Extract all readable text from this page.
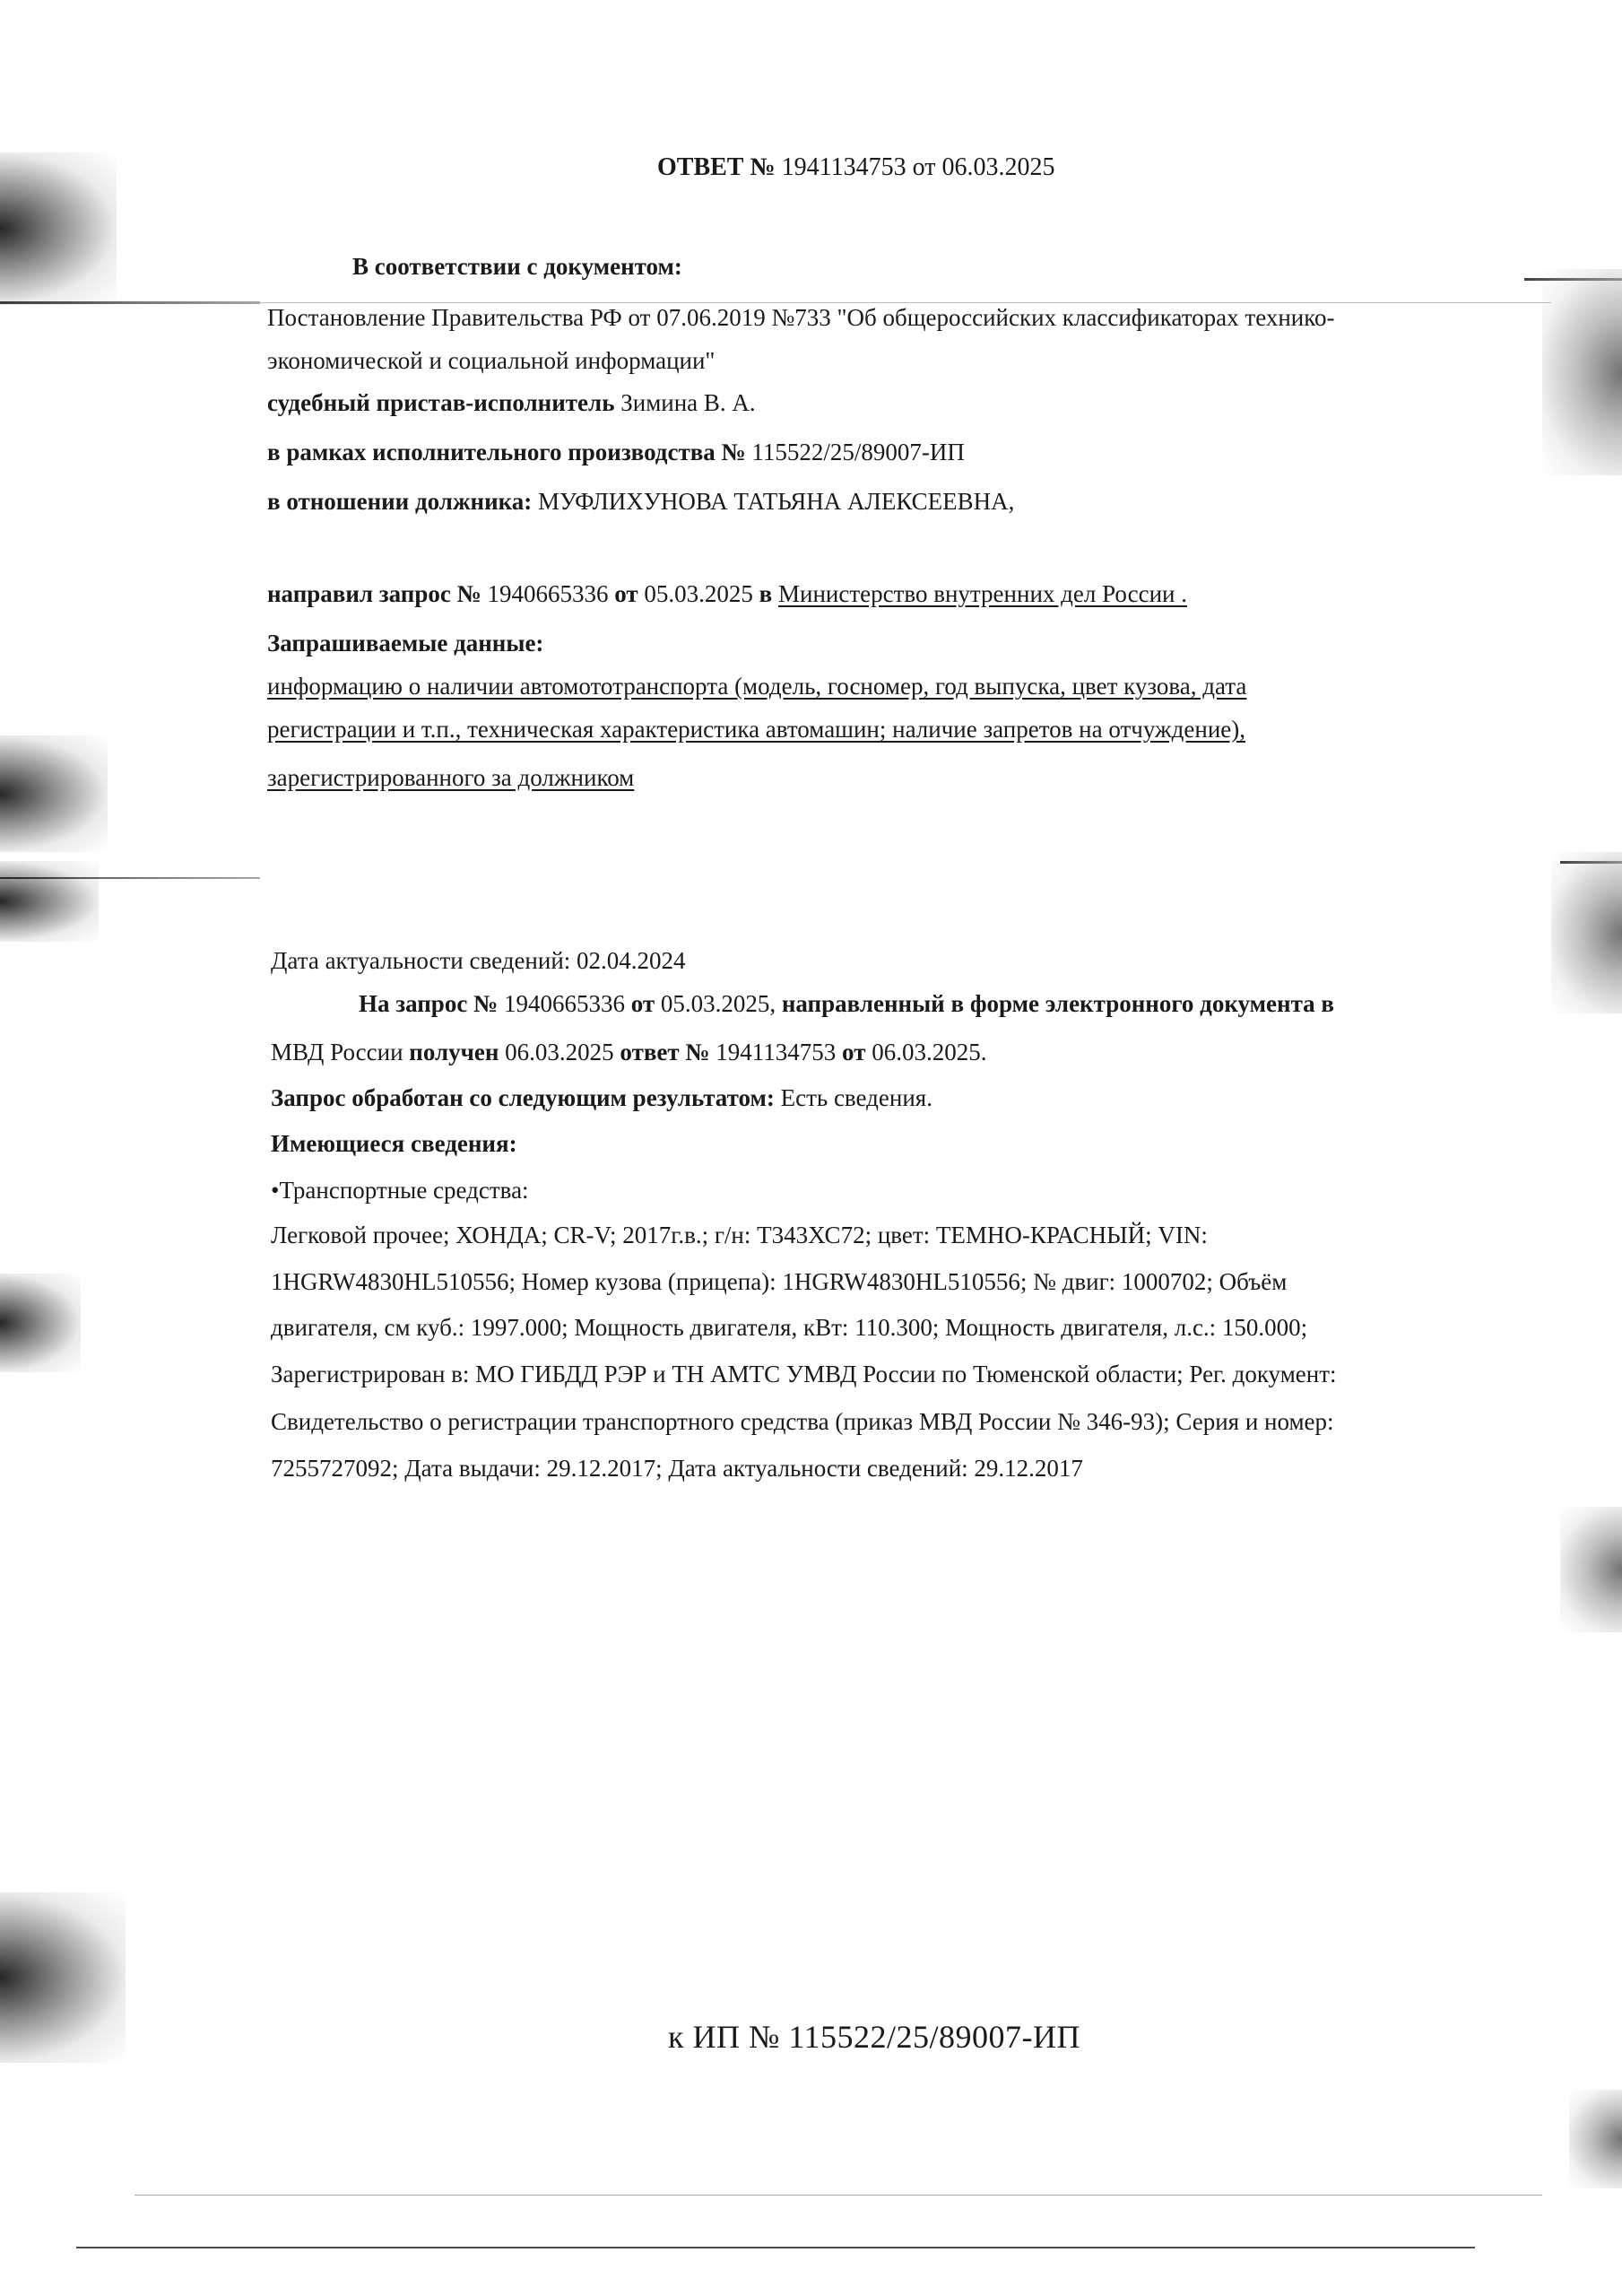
ОТВЕТ № 1941134753 от 06.03.2025
В соответствии с документом:
Постановление Правительства РФ от 07.06.2019 №733 "Об общероссийских классификаторах технико-
экономической и социальной информации"
судебный пристав-исполнитель Зимина В. А.
в рамках исполнительного производства № 115522/25/89007-ИП
в отношении должника: МУФЛИХУНОВА ТАТЬЯНА АЛЕКСЕЕВНА,
направил запрос № 1940665336 от 05.03.2025 в Министерство внутренних дел России .
Запрашиваемые данные:
информацию о наличии автомототранспорта (модель, госномер, год выпуска, цвет кузова, дата
регистрации и т.п., техническая характеристика автомашин; наличие запретов на отчуждение),
зарегистрированного за должником
Дата актуальности сведений: 02.04.2024
На запрос № 1940665336 от 05.03.2025, направленный в форме электронного документа в
МВД России получен 06.03.2025 ответ № 1941134753 от 06.03.2025.
Запрос обработан со следующим результатом: Есть сведения.
Имеющиеся сведения:
•Транспортные средства:
Легковой прочее; ХОНДА; CR-V; 2017г.в.; г/н: Т343ХС72; цвет: ТЕМНО-КРАСНЫЙ; VIN:
1HGRW4830HL510556; Номер кузова (прицепа): 1HGRW4830HL510556; № двиг: 1000702; Объём
двигателя, см куб.: 1997.000; Мощность двигателя, кВт: 110.300; Мощность двигателя, л.с.: 150.000;
Зарегистрирован в: МО ГИБДД РЭР и ТН АМТС УМВД России по Тюменской области; Рег. документ:
Свидетельство о регистрации транспортного средства (приказ МВД России № 346-93); Серия и номер:
7255727092; Дата выдачи: 29.12.2017; Дата актуальности сведений: 29.12.2017
к ИП № 115522/25/89007-ИП
